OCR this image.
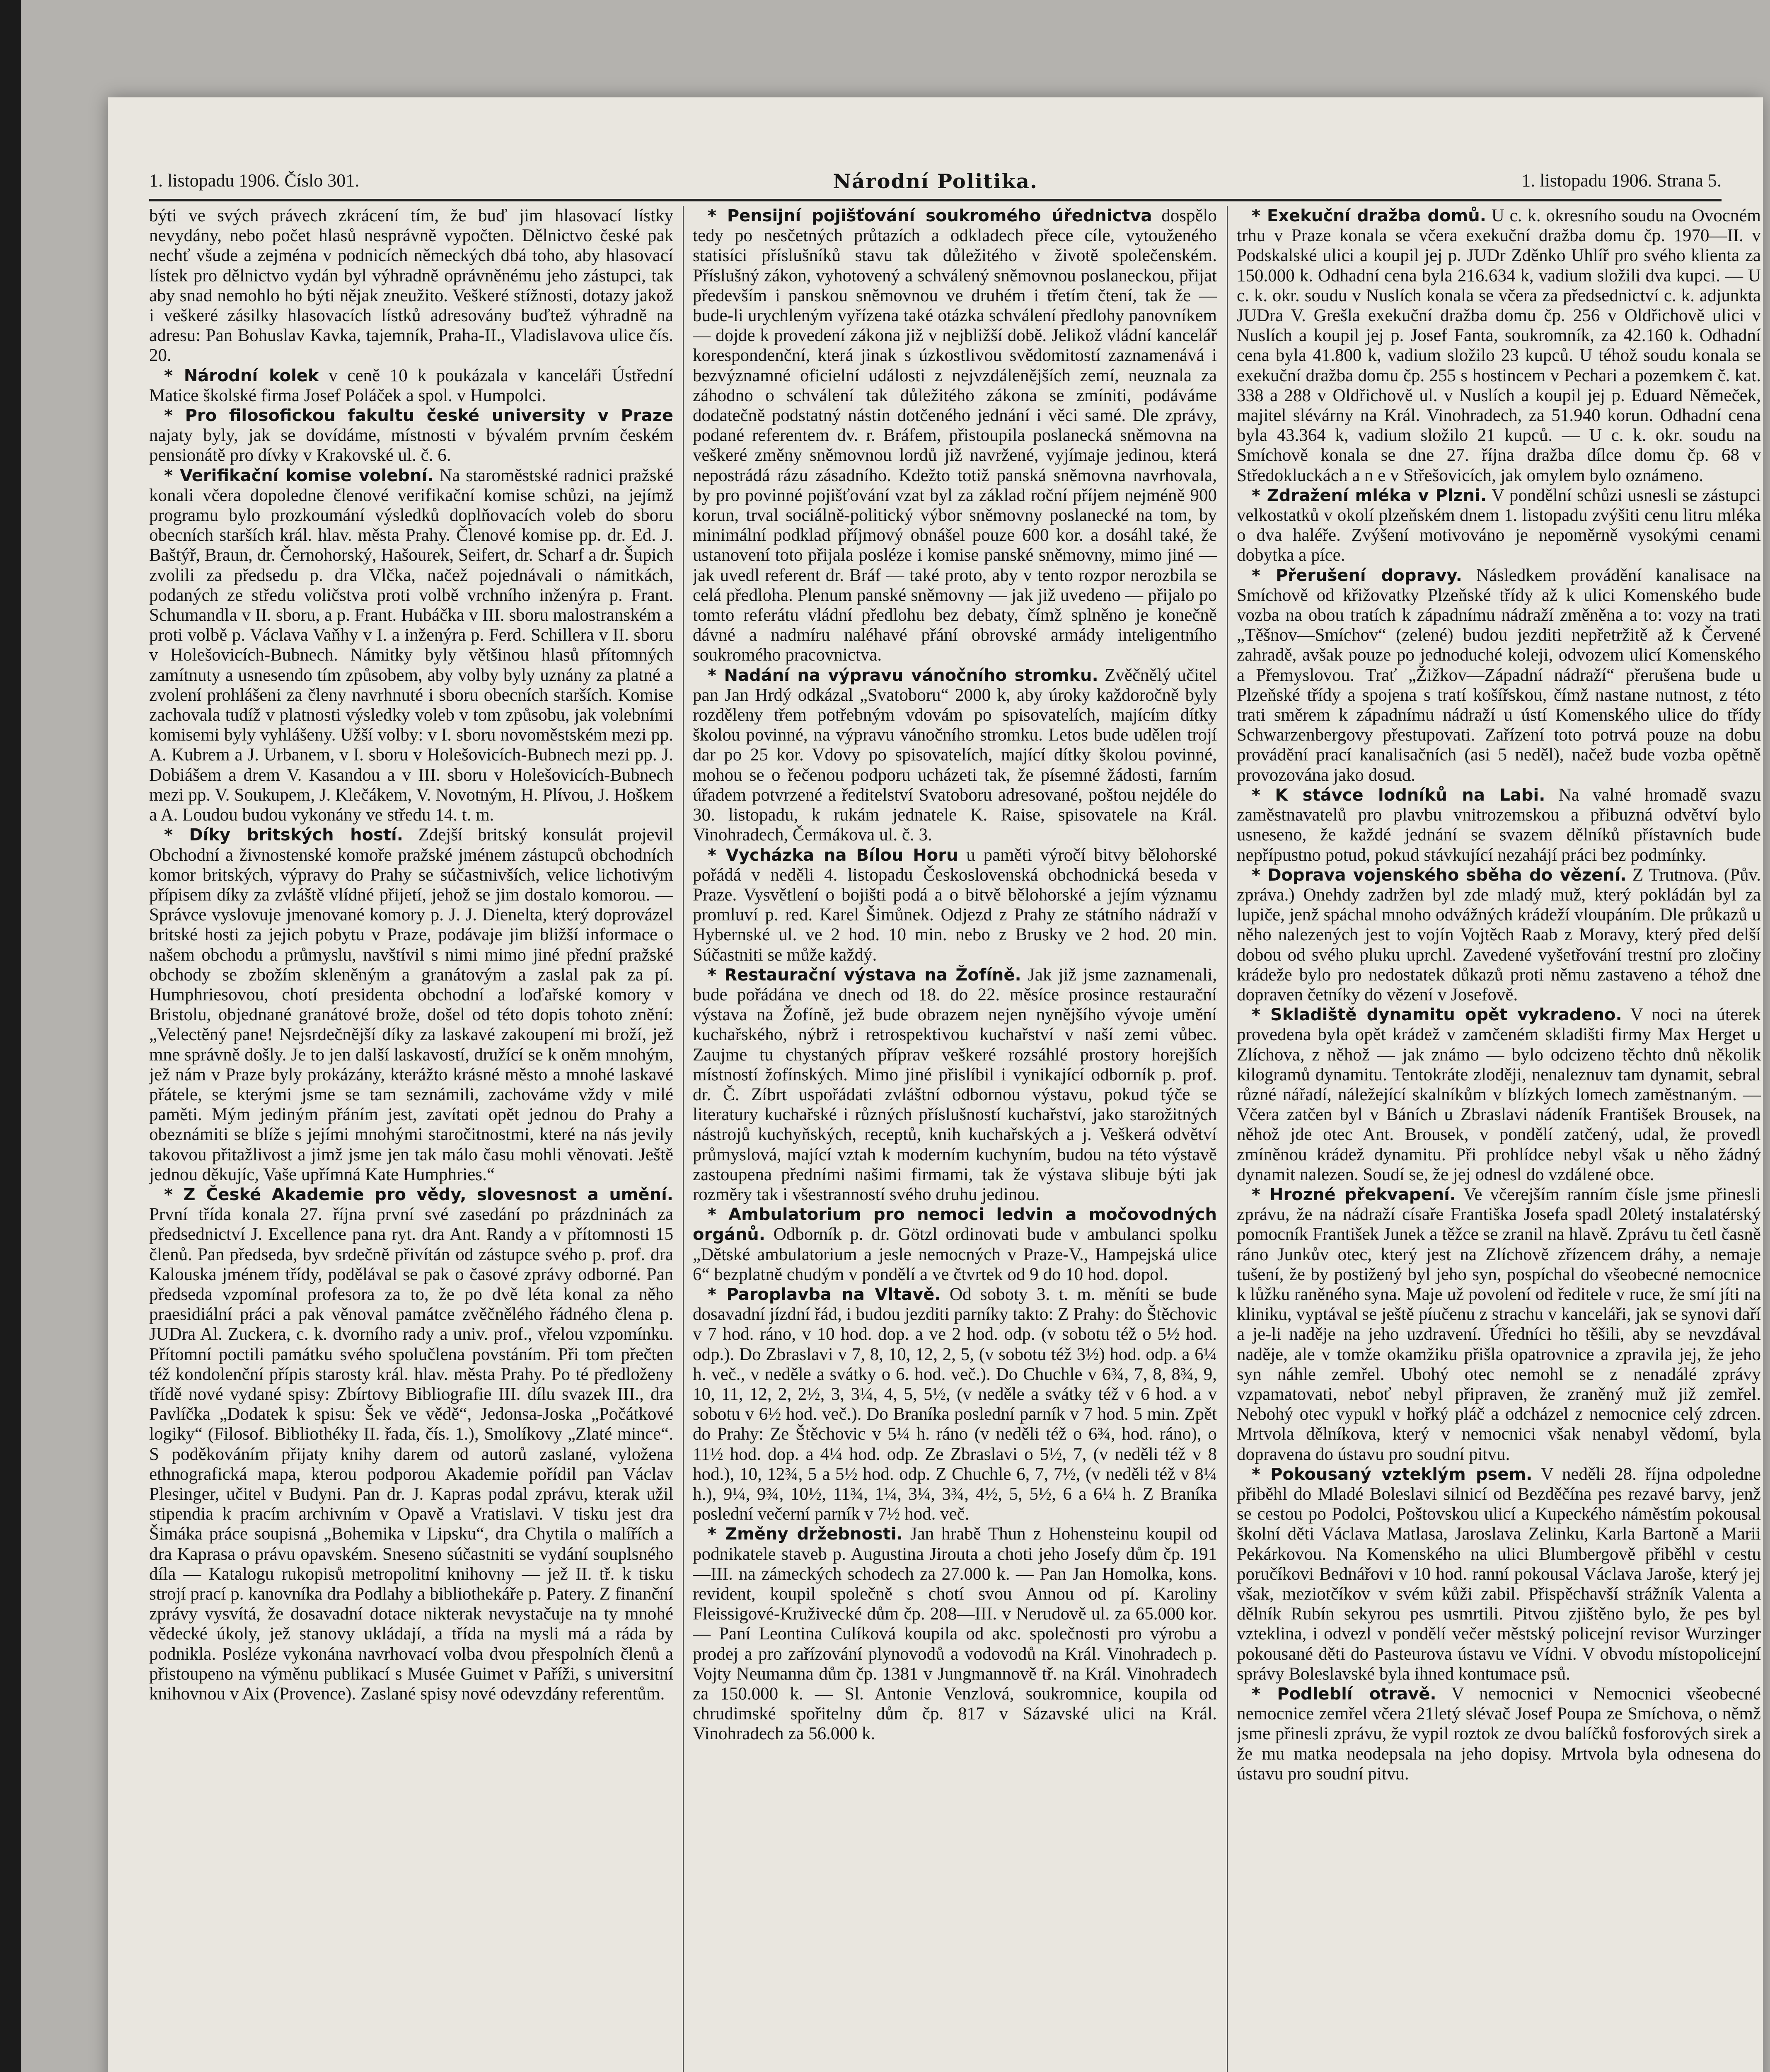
1. listopadu 1906. Číslo 301.	Národní Politika.	1. listopadu 1906. Strana 5.

býti ve svých právech zkrácení tím, že buď jim hlasovací lístky nevydány, nebo počet hlasů nesprávně vypočten. Dělnictvo české pak nechť všude a zejména v podnicích německých dbá toho, aby hlasovací lístek pro dělnictvo vydán byl výhradně oprávněnému jeho zástupci, tak aby snad nemohlo ho býti nějak zneužito. Veškeré stížnosti, dotazy jakož i veškeré zásilky hlasovacích lístků adresovány buďtež výhradně na adresu: Pan Bohuslav Kavka, tajemník, Praha-II., Vladislavova ulice čís. 20.

* Národní kolek v ceně 10 k poukázala v kanceláři Ústřední Matice školské firma Josef Poláček a spol. v Humpolci.

* Pro filosofickou fakultu české university v Praze najaty byly, jak se dovídáme, místnosti v bývalém prvním českém pensionátě pro dívky v Krakovské ul. č. 6.

* Verifikační komise volební. Na staroměstské radnici pražské konali včera dopoledne členové verifikační komise schůzi, na jejímž programu bylo prozkoumání výsledků doplňovacích voleb do sboru obecních starších král. hlav. města Prahy. Členové komise pp. dr. Ed. J. Baštýř, Braun, dr. Černohorský, Hašourek, Seifert, dr. Scharf a dr. Šupich zvolili za předsedu p. dra Vlčka, načež pojednávali o námitkách, podaných ze středu voličstva proti volbě vrchního inženýra p. Frant. Schumandla v II. sboru, a p. Frant. Hubáčka v III. sboru malostranském a proti volbě p. Václava Vaňhy v I. a inženýra p. Ferd. Schillera v II. sboru v Holešovicích-Bubnech. Námitky byly většinou hlasů přítomných zamítnuty a usnesendo tím způsobem, aby volby byly uznány za platné a zvolení prohlášeni za členy navrhnuté i sboru obecních starších. Komise zachovala tudíž v platnosti výsledky voleb v tom způsobu, jak volebními komisemi byly vyhlášeny. Užší volby: v I. sboru novoměstském mezi pp. A. Kubrem a J. Urbanem, v I. sboru v Holešovicích-Bubnech mezi pp. J. Dobiášem a drem V. Kasandou a v III. sboru v Holešovicích-Bubnech mezi pp. V. Soukupem, J. Klečákem, V. Novotným, H. Plívou, J. Hoškem a A. Loudou budou vykonány ve středu 14. t. m.

* Díky britských hostí. Zdejší britský konsulát projevil Obchodní a živnostenské komoře pražské jménem zástupců obchodních komor britských, výpravy do Prahy se súčastnivších, velice lichotivým přípisem díky za zvláště vlídné přijetí, jehož se jim dostalo komorou. — Správce vyslovuje jmenované komory p. J. J. Dieneltа, který doprovázel britské hosti za jejich pobytu v Praze, podávaje jim bližší informace o našem obchodu a průmyslu, navštívil s nimi mimo jiné přední pražské obchody se zbožím skleněným a granátovým a zaslal pak za pí. Humphriesovou, chotí presidenta obchodní a loďařské komory v Bristolu, objednané granátové brože, došel od této dopis tohoto znění: „Velectěný pane! Nejsrdečnější díky za laskavé zakoupení mi broží, jež mne správně došly. Je to jen další laskavostí, družící se k oněm mnohým, jež nám v Praze byly prokázány, kterážto krásné město a mnohé laskavé přátele, se kterými jsme se tam seznámili, zachováme vždy v milé paměti. Mým jediným přáním jest, zavítati opět jednou do Prahy a obeznámiti se blíže s jejími mnohými staročitnostmi, které na nás jevily takovou přitažlivost a jimž jsme jen tak málo času mohli věnovati. Ještě jednou děkujíc, Vaše upřímná Kate Humphries.“

* Z České Akademie pro vědy, slovesnost a umění. První třída konala 27. října první své zasedání po prázdninách za předsednictví J. Excellence pana ryt. dra Ant. Randy a v přítomnosti 15 členů. Pan předseda, byv srdečně přivítán od zástupce svého p. prof. dra Kalouska jménem třídy, podělával se pak o časové zprávy odborné. Pan předseda vzpomínal profesora za to, že po dvě léta konal za něho praesidiální práci a pak věnoval památce zvěčnělého řádného člena p. JUDra Al. Zuckera, c. k. dvorního rady a univ. prof., vřelou vzpomínku. Přítomní poctili památku svého spolučlena povstáním. Při tom přečten též kondolenční přípis starosty král. hlav. města Prahy. Po té předloženy třídě nové vydané spisy: Zbírtovy Bibliografie III. dílu svazek III., dra Pavlíčka „Dodatek k spisu: Šek ve vědě“, Jedonsa-Joska „Počátkové logiky“ (Filosof. Bibliothéky II. řada, čís. 1.), Smolíkovy „Zlaté mince“. S poděkováním přijaty knihy darem od autorů zaslané, vyložena ethnografická mapa, kterou podporou Akademie pořídil pan Václav Plesinger, učitel v Budyni. Pan dr. J. Kapras podal zprávu, kterak užil stipendia k pracím archivním v Opavě a Vratislavi. V tisku jest dra Šimáka práce soupisná „Bohemika v Lipsku“, dra Chytila o malířích a dra Kaprasa o právu opavském. Sneseno súčastniti se vydání souplsného díla — Katalogu rukopisů metropolitní knihovny — jež II. tř. k tisku strojí prací p. kanovníka dra Podlahy a bibliothekáře p. Patery. Z finanční zprávy vysvítá, že dosavadní dotace nikterak nevystačuje na ty mnohé vědecké úkoly, jež stanovy ukládají, a třída na mysli má a ráda by podnikla. Posléze vykonána navrhovací volba dvou přespolních členů a přistoupeno na výměnu publikací s Musée Guimet v Paříži, s universitní knihovnou v Aix (Provence). Zaslané spisy nové odevzdány referentům.

* Pensijní pojišťování soukromého úřednictva dospělo tedy po nesčetných průtazích a odkladech přece cíle, vytouženého statisíci příslušníků stavu tak důležitého v životě společenském. Příslušný zákon, vyhotovený a schválený sněmovnou poslaneckou, přijat především i panskou sněmovnou ve druhém i třetím čtení, tak že — bude-li urychleným vyřízena také otázka schválení předlohy panovníkem — dojde k provedení zákona již v nejbližší době. Jelikož vládní kancelář korespondenční, která jinak s úzkostlivou svědomitostí zaznamenává i bezvýznamné oficielní události z nejvzdálenějších zemí, neuznala za záhodno o schválení tak důležitého zákona se zmíniti, podáváme dodatečně podstatný nástin dotčeného jednání i věci samé. Dle zprávy, podané referentem dv. r. Bráfem, přistoupila poslanecká sněmovna na veškeré změny sněmovnou lordů již navržené, vyjímaje jedinou, která nepostrádá rázu zásadního. Kdežto totiž panská sněmovna navrhovala, by pro povinné pojišťování vzat byl za základ roční příjem nejméně 900 korun, trval sociálně-politický výbor sněmovny poslanecké na tom, by minimální podklad příjmový obnášel pouze 600 kor. a dosáhl také, že ustanovení toto přijala posléze i komise panské sněmovny, mimo jiné — jak uvedl referent dr. Bráf — také proto, aby v tento rozpor nerozbila se celá předloha. Plenum panské sněmovny — jak již uvedeno — přijalo po tomto referátu vládní předlohu bez debaty, čímž splněno je konečně dávné a nadmíru naléhavé přání obrovské armády inteligentního soukromého pracovnictva.

* Nadání na výpravu vánočního stromku. Zvěčnělý učitel pan Jan Hrdý odkázal „Svatoboru“ 2000 k, aby úroky každoročně byly rozděleny třem potřebným vdovám po spisovatelích, majícím dítky školou povinné, na výpravu vánočního stromku. Letos bude udělen trojí dar po 25 kor. Vdovy po spisovatelích, mající dítky školou povinné, mohou se o řečenou podporu ucházeti tak, že písemné žádosti, farním úřadem potvrzené a ředitelství Svatoboru adresované, poštou nejdéle do 30. listopadu, k rukám jednatele K. Raise, spisovatele na Král. Vinohradech, Čermákova ul. č. 3.

* Vycházka na Bílou Horu u paměti výročí bitvy bělohorské pořádá v neděli 4. listopadu Československá obchodnická beseda v Praze. Vysvětlení o bojišti podá a o bitvě bělohorské a jejím významu promluví p. red. Karel Šimůnek. Odjezd z Prahy ze státního nádraží v Hybernské ul. ve 2 hod. 10 min. nebo z Brusky ve 2 hod. 20 min. Súčastniti se může každý.

* Restaurační výstava na Žofíně. Jak již jsme zaznamenali, bude pořádána ve dnech od 18. do 22. měsíce prosince restaurační výstava na Žofíně, jež bude obrazem nejen nynějšího vývoje umění kuchařského, nýbrž i retrospektivou kuchařství v naší zemi vůbec. Zaujme tu chystaných příprav veškeré rozsáhlé prostory horejších místností žofínských. Mimo jiné přislíbil i vynikající odborník p. prof. dr. Č. Zíbrt uspořádati zvláštní odbornou výstavu, pokud týče se literatury kuchařské i různých příslušností kuchařství, jako starožitných nástrojů kuchyňských, receptů, knih kuchařských a j. Veškerá odvětví průmyslová, mající vztah k moderním kuchyním, budou na této výstavě zastoupena předními našimi firmami, tak že výstava slibuje býti jak rozměry tak i všestranností svého druhu jedinou.

* Ambulatorium pro nemoci ledvin a močovodných orgánů. Odborník p. dr. Götzl ordinovati bude v ambulanci spolku „Dětské ambulatorium a jesle nemocných v Praze-V., Hampejská ulice 6“ bezplatně chudým v pondělí a ve čtvrtek od 9 do 10 hod. dopol.

* Paroplavba na Vltavě. Od soboty 3. t. m. měníti se bude dosavadní jízdní řád, i budou jezditi parníky takto: Z Prahy: do Štěchovic v 7 hod. ráno, v 10 hod. dop. a ve 2 hod. odp. (v sobotu též o 5½ hod. odp.). Do Zbraslavi v 7, 8, 10, 12, 2, 5, (v sobotu též 3½) hod. odp. a 6¼ h. več., v neděle a svátky o 6. hod. več.). Do Chuchle v 6¾, 7, 8, 8¾, 9, 10, 11, 12, 2, 2½, 3, 3¼, 4, 5, 5½, (v neděle a svátky též v 6 hod. a v sobotu v 6½ hod. več.). Do Braníka poslední parník v 7 hod. 5 min. Zpět do Prahy: Ze Štěchovic v 5¼ h. ráno (v neděli též o 6¾, hod. ráno), o 11½ hod. dop. a 4¼ hod. odp. Ze Zbraslavi o 5½, 7, (v neděli též v 8 hod.), 10, 12¾, 5 a 5½ hod. odp. Z Chuchle 6, 7, 7½, (v neděli též v 8¼ h.), 9¼, 9¾, 10½, 11¾, 1¼, 3¼, 3¾, 4½, 5, 5½, 6 a 6¼ h. Z Braníka poslední večerní parník v 7½ hod. več.

* Změny držebnosti. Jan hrabě Thun z Hohensteinu koupil od podnikatele staveb p. Augustina Jirouta a choti jeho Josefy dům čp. 191—III. na zámeckých schodech za 27.000 k. — Pan Jan Homolka, kons. revident, koupil společně s chotí svou Annou od pí. Karoliny Fleissigové-Kruživecké dům čp. 208—III. v Nerudově ul. za 65.000 kor. — Paní Leontina Culíková koupila od akc. společnosti pro výrobu a prodej a pro zařízování plynovodů a vodovodů na Král. Vinohradech p. Vojty Neumanna dům čp. 1381 v Jungmannově tř. na Král. Vinohradech za 150.000 k. — Sl. Antonie Venzlová, soukromnice, koupila od chrudimské spořitelny dům čp. 817 v Sázavské ulici na Král. Vinohradech za 56.000 k.

* Exekuční dražba domů. U c. k. okresního soudu na Ovocném trhu v Praze konala se včera exekuční dražba domu čp. 1970—II. v Podskalské ulici a koupil jej p. JUDr Zděnko Uhlíř pro svého klienta za 150.000 k. Odhadní cena byla 216.634 k, vadium složili dva kupci. — U c. k. okr. soudu v Nuslích konala se včera za předsednictví c. k. adjunkta JUDra V. Grešla exekuční dražba domu čp. 256 v Oldřichově ulici v Nuslích a koupil jej p. Josef Fanta, soukromník, za 42.160 k. Odhadní cena byla 41.800 k, vadium složilo 23 kupců. U téhož soudu konala se exekuční dražba domu čp. 255 s hostincem v Pechari a pozemkem č. kat. 338 a 288 v Oldřichově ul. v Nuslích a koupil jej p. Eduard Němeček, majitel slévárny na Král. Vinohradech, za 51.940 korun. Odhadní cena byla 43.364 k, vadium složilo 21 kupců. — U c. k. okr. soudu na Smíchově konala se dne 27. října dražba dílce domu čp. 68 v Středokluckách a n e v Střešovicích, jak omylem bylo oznámeno.

* Zdražení mléka v Plzni. V pondělní schůzi usnesli se zástupci velkostatků v okolí plzeňském dnem 1. listopadu zvýšiti cenu litru mléka o dva haléře. Zvýšení motivováno je nepoměrně vysokými cenami dobytka a píce.

* Přerušení dopravy. Následkem provádění kanalisace na Smíchově od křižovatky Plzeňské třídy až k ulici Komenského bude vozba na obou tratích k západnímu nádraží změněna a to: vozy na trati „Těšnov—Smíchov“ (zelené) budou jezditi nepřetržitě až k Červené zahradě, avšak pouze po jednoduché koleji, odvozem ulicí Komenského a Přemyslovou. Trať „Žižkov—Západní nádraží“ přerušena bude u Plzeňské třídy a spojena s tratí košířskou, čímž nastane nutnost, z této trati směrem k západnímu nádraží u ústí Komenského ulice do třídy Schwarzenbergovy přestupovati. Zařízení toto potrvá pouze na dobu provádění prací kanalisačních (asi 5 neděl), načež bude vozba opětně provozována jako dosud.

* K stávce lodníků na Labi. Na valné hromadě svazu zaměstnavatelů pro plavbu vnitrozemskou a přibuzná odvětví bylo usneseno, že každé jednání se svazem dělníků přístavních bude nepřípustno potud, pokud stávkující nezahájí práci bez podmínky.

* Doprava vojenského sběha do vězení. Z Trutnova. (Pův. zpráva.) Onehdy zadržen byl zde mladý muž, který pokládán byl za lupiče, jenž spáchal mnoho odvážných krádeží vloupáním. Dle průkazů u něho nalezených jest to vojín Vojtěch Raab z Moravy, který před delší dobou od svého pluku uprchl. Zavedené vyšetřování trestní pro zločiny krádeže bylo pro nedostatek důkazů proti němu zastaveno a téhož dne dopraven četníky do vězení v Josefově.

* Skladiště dynamitu opět vykradeno. V noci na úterek provedena byla opět krádež v zamčeném skladišti firmy Max Herget u Zlíchova, z něhož — jak známo — bylo odcizeno těchto dnů několik kilogramů dynamitu. Tentokráte zloději, nenaleznuv tam dynamit, sebral různé nářadí, náležející skalníkům v blízkých lomech zaměstnaným. — Včera zatčen byl v Báních u Zbraslavi nádeník František Brousek, na něhož jde otec Ant. Brousek, v pondělí zatčený, udal, že provedl zmíněnou krádež dynamitu. Při prohlídce nebyl však u něho žádný dynamit nalezen. Soudí se, že jej odnesl do vzdálené obce.

* Hrozné překvapení. Ve včerejším ranním čísle jsme přinesli zprávu, že na nádraží císaře Františka Josefa spadl 20letý instalatérský pomocník František Junek a těžce se zranil na hlavě. Zprávu tu četl časně ráno Junkův otec, který jest na Zlíchově zřízencem dráhy, a nemaje tušení, že by postižený byl jeho syn, pospíchal do všeobecné nemocnice k lůžku raněného syna. Maje už povolení od ředitele v ruce, že smí jíti na kliniku, vyptával se ještě píučenu z strachu v kanceláři, jak se synovi daří a je-li naděje na jeho uzdravení. Úředníci ho těšili, aby se nevzdával naděje, ale v tomže okamžiku přišla opatrovnice a zpravila jej, že jeho syn náhle zemřel. Ubohý otec nemohl se z nenadálé zprávy vzpamatovati, neboť nebyl připraven, že zraněný muž již zemřel. Nebohý otec vypukl v hořký pláč a odcházel z nemocnice celý zdrcen. Mrtvola dělníkova, který v nemocnici však nenabyl vědomí, byla dopravena do ústavu pro soudní pitvu.

* Pokousaný vzteklým psem. V neděli 28. října odpoledne přiběhl do Mladé Boleslavi silnicí od Bezděčína pes rezavé barvy, jenž se cestou po Podolci, Poštovskou ulicí a Kupeckého náměstím pokousal školní děti Václava Matlasa, Jaroslava Zelinku, Karla Bartoně a Marii Pekárkovou. Na Komenského na ulici Blumbergově přiběhl v cestu poručíkovi Bednářovi v 10 hod. ranní pokousal Václava Jaroše, který jej však, meziotčíkov v svém kůži zabil. Přispěchavší strážník Valenta a dělník Rubín sekyrou pes usmrtili. Pitvou zjištěno bylo, že pes byl vzteklina, i odvezl v pondělí večer městský policejní revisor Wurzinger pokousané děti do Pasteurova ústavu ve Vídni. V obvodu místopolicejní správy Boleslavské byla ihned kontumace psů.

* Podleblí otravě. V nemocnici v Nemocnici všeobecné nemocnice zemřel včera 21letý slévač Josef Poupa ze Smíchova, o němž jsme přinesli zprávu, že vypil roztok ze dvou balíčků fosforových sirek a že mu matka neodepsala na jeho dopisy. Mrtvola byla odnesena do ústavu pro soudní pitvu.
